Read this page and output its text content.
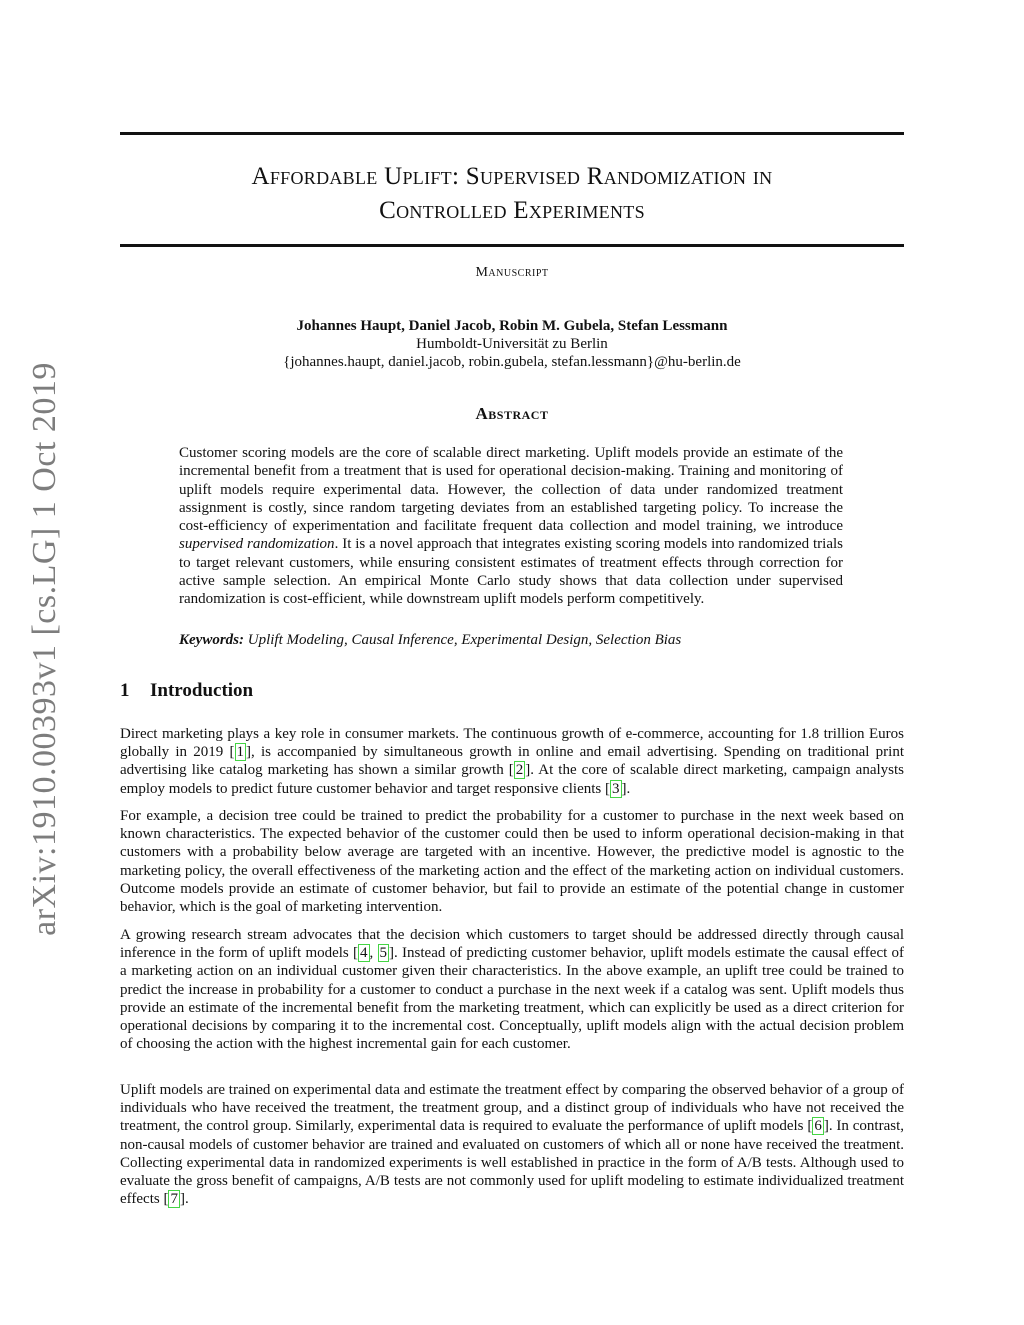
arXiv:1910.00393v1 [cs.LG] 1 Oct 2019
Affordable Uplift: Supervised Randomization in
Controlled Experiments
Manuscript
Johannes Haupt, Daniel Jacob, Robin M. Gubela, Stefan Lessmann
Humboldt-Universität zu Berlin
{johannes.haupt, daniel.jacob, robin.gubela, stefan.lessmann}@hu-berlin.de
Abstract

Customer scoring models are the core of scalable direct marketing. Uplift models provide an estimate of the incremental benefit from a treatment that is used for operational decision-making. Training and monitoring of uplift models require experimental data. However, the collection of data under randomized treatment assignment is costly, since random targeting deviates from an established targeting policy. To increase the cost-efficiency of experimentation and facilitate frequent data collection and model training, we introduce supervised randomization. It is a novel approach that integrates existing scoring models into randomized trials to target relevant customers, while ensuring consistent estimates of treatment effects through correction for active sample selection. An empirical Monte Carlo study shows that data collection under supervised randomization is cost-efficient, while downstream uplift models perform competitively.

Keywords: Uplift Modeling, Causal Inference, Experimental Design, Selection Bias
1 Introduction

Direct marketing plays a key role in consumer markets. The continuous growth of e-commerce, accounting for 1.8 trillion Euros globally in 2019 [ 1 ], is accompanied by simultaneous growth in online and email advertising. Spending on traditional print advertising like catalog marketing has shown a similar growth [ 2 ]. At the core of scalable direct marketing, campaign analysts employ models to predict future customer behavior and target responsive clients [ 3 ].

For example, a decision tree could be trained to predict the probability for a customer to purchase in the next week based on known characteristics. The expected behavior of the customer could then be used to inform operational decision-making in that customers with a probability below average are targeted with an incentive. However, the predictive model is agnostic to the marketing policy, the overall effectiveness of the marketing action and the effect of the marketing action on individual customers. Outcome models provide an estimate of customer behavior, but fail to provide an estimate of the potential change in customer behavior, which is the goal of marketing intervention.

A growing research stream advocates that the decision which customers to target should be addressed directly through causal inference in the form of uplift models [ 4 , 5 ]. Instead of predicting customer behavior, uplift models estimate the causal effect of a marketing action on an individual customer given their characteristics. In the above example, an uplift tree could be trained to predict the increase in probability for a customer to conduct a purchase in the next week if a catalog was sent. Uplift models thus provide an estimate of the incremental benefit from the marketing treatment, which can explicitly be used as a direct criterion for operational decisions by comparing it to the incremental cost. Conceptually, uplift models align with the actual decision problem of choosing the action with the highest incremental gain for each customer.

Uplift models are trained on experimental data and estimate the treatment effect by comparing the observed behavior of a group of individuals who have received the treatment, the treatment group, and a distinct group of individuals who have not received the treatment, the control group. Similarly, experimental data is required to evaluate the performance of uplift models [ 6 ]. In contrast, non-causal models of customer behavior are trained and evaluated on customers of which all or none have received the treatment. Collecting experimental data in randomized experiments is well established in practice in the form of A/B tests. Although used to evaluate the gross benefit of campaigns, A/B tests are not commonly used for uplift modeling to estimate individualized treatment effects [ 7 ].
